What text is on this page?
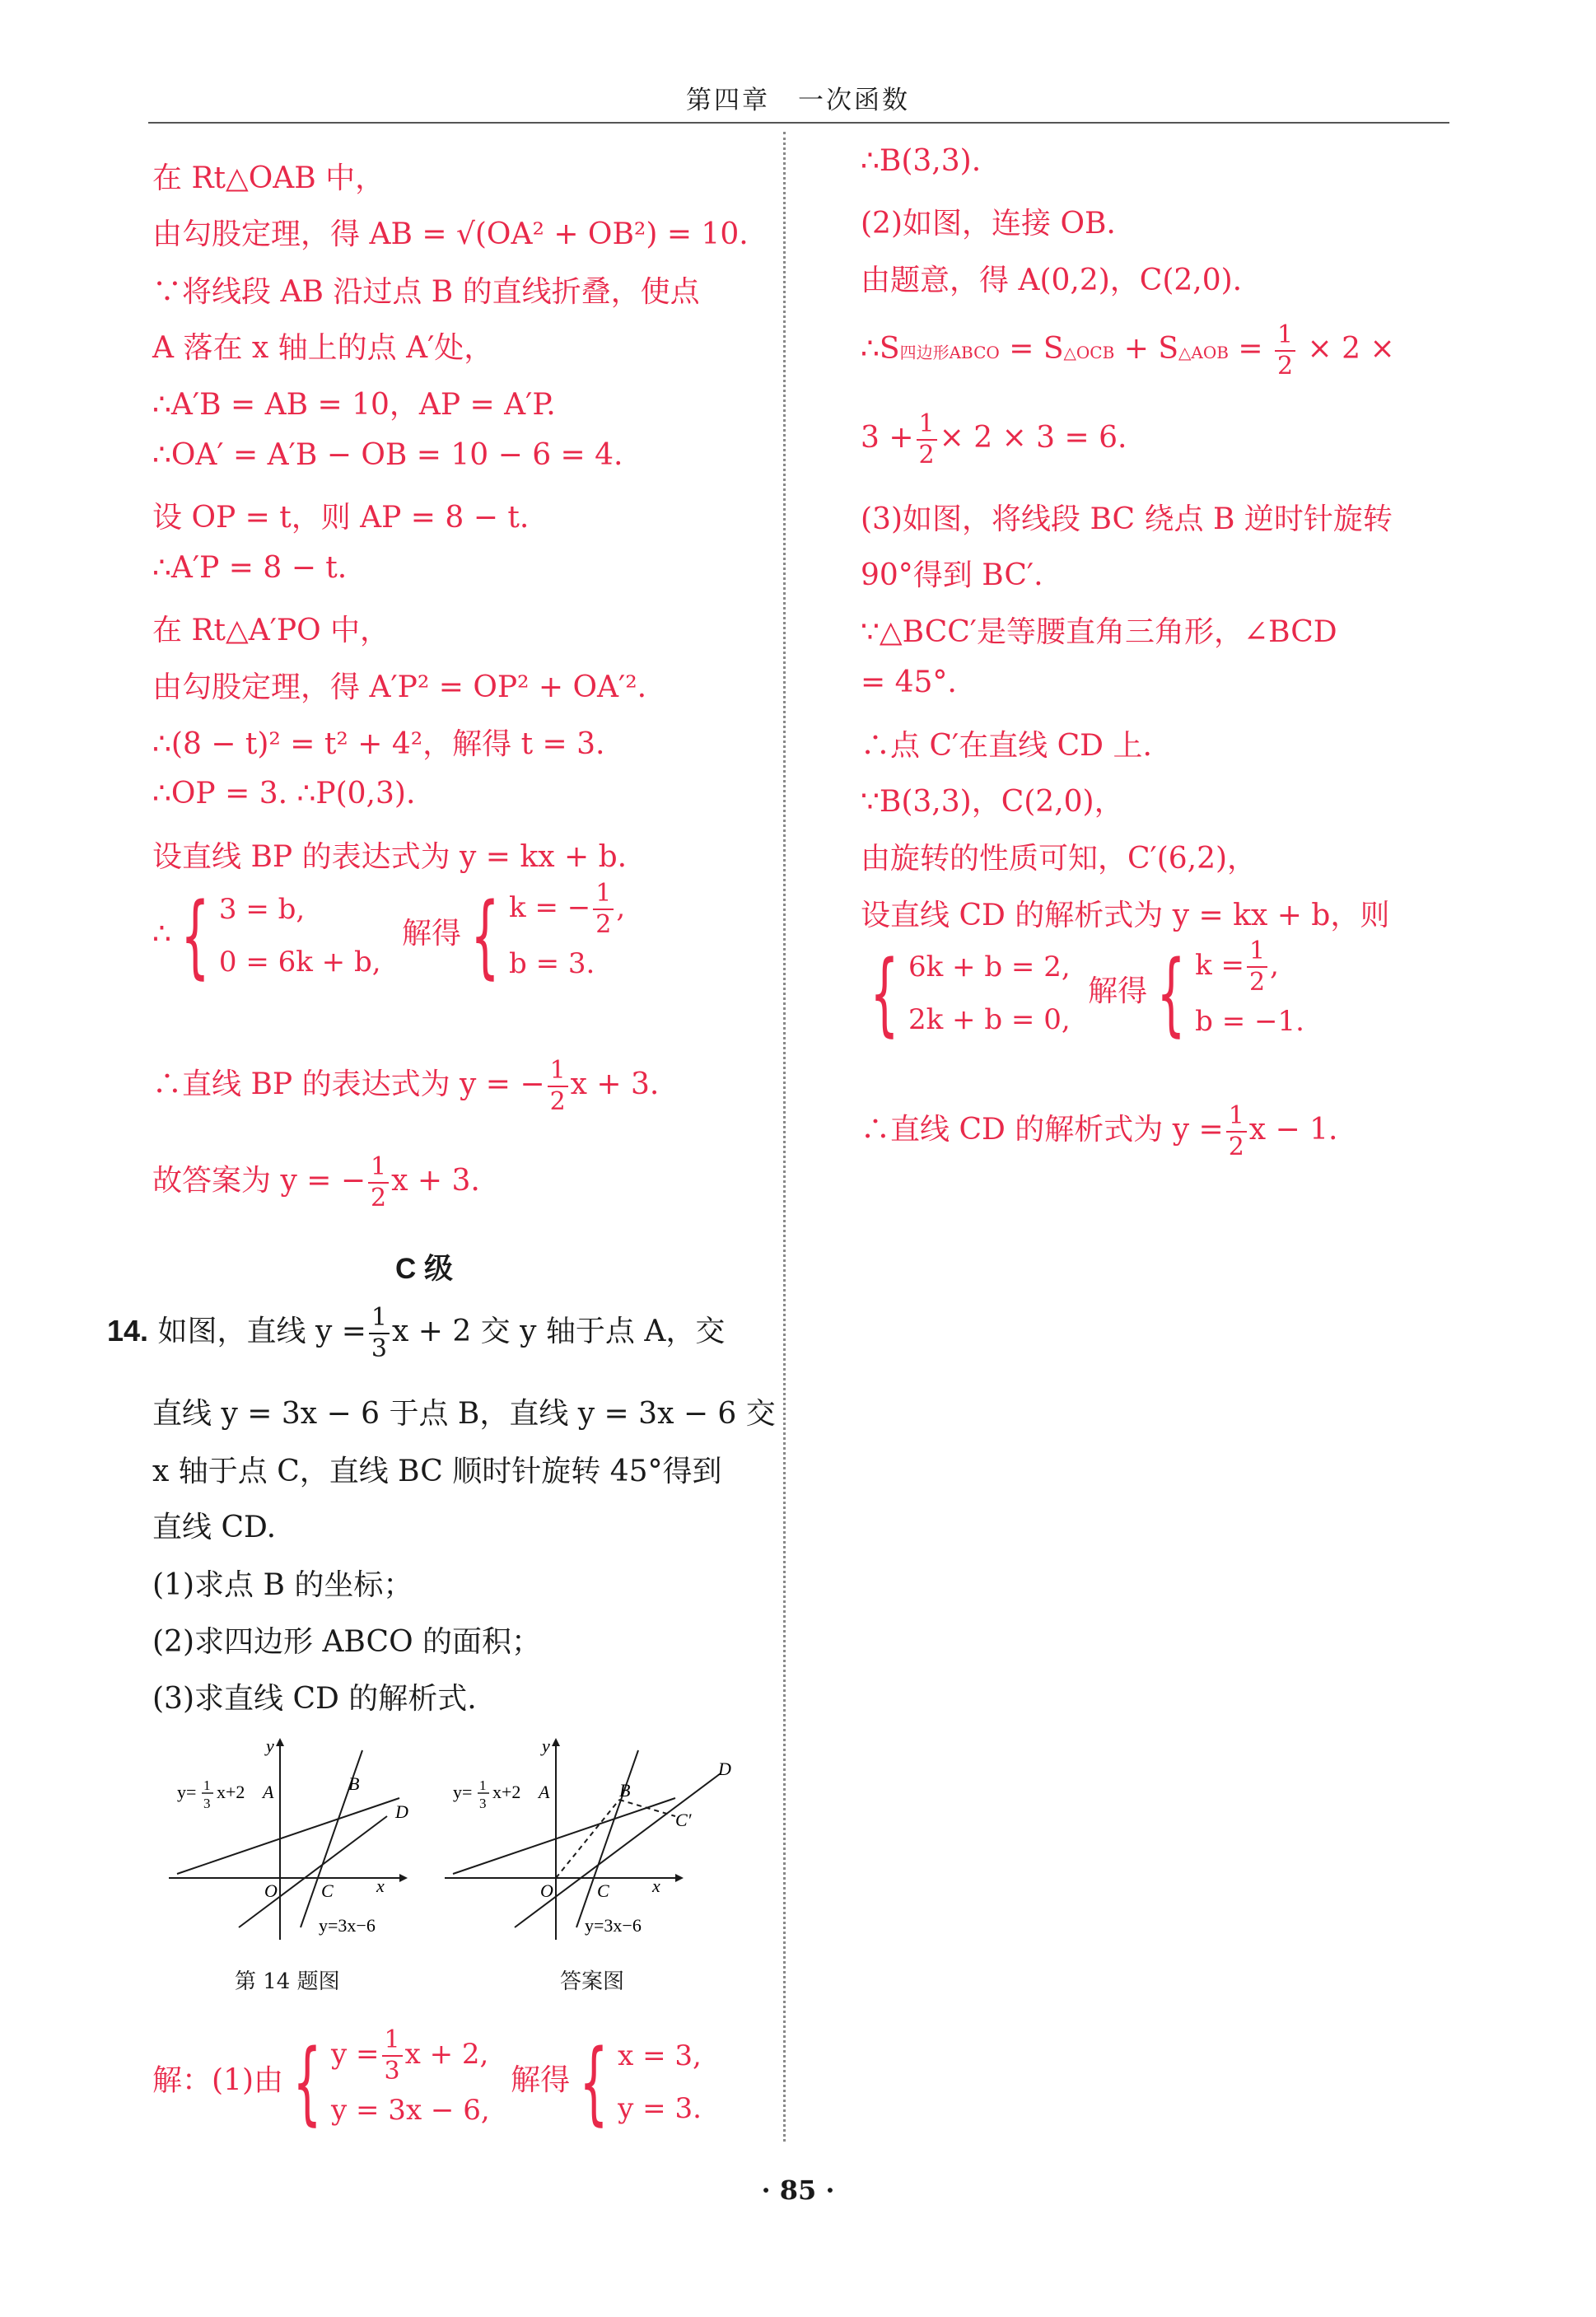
第四章　一次函数
在 Rt△OAB 中，
由勾股定理，得 AB = √(OA² + OB²) = 10.
∵将线段 AB 沿过点 B 的直线折叠，使点
A 落在 x 轴上的点 A′处，
∴A′B = AB = 10，AP = A′P.
∴OA′ = A′B − OB = 10 − 6 = 4.
设 OP = t，则 AP = 8 − t.
∴A′P = 8 − t.
在 Rt△A′PO 中，
由勾股定理，得 A′P² = OP² + OA′².
∴(8 − t)² = t² + 4²，解得 t = 3.
∴OP = 3. ∴P(0,3).
设直线 BP 的表达式为 y = kx + b.
∴ { 3 = b,
0 = 6k + b, 解得 { k = − $\frac{1}{2}$ ,
b = 3.
∴直线 BP 的表达式为 y = − $\frac{1}{2}$ x + 3.
故答案为 y = − $\frac{1}{2}$ x + 3.
C 级
14. 如图，直线 $y = \frac{1}{3}$ x + 2 交 y 轴于点 A，交
直线 y = 3x − 6 于点 B，直线 y = 3x − 6 交
x 轴于点 C，直线 BC 顺时针旋转 45°得到
直线 CD.
(1)求点 B 的坐标；
(2)求四边形 ABCO 的面积；
(3)求直线 CD 的解析式.
y= 1
3
x+2 A	B
D
O C x
y
y=3x−6
第 14 题图
y= 1
3
x+2 A	B
C′
D
O C x
y
y=3x−6
答案图
解：(1)由 { $y = \frac{1}{3}$ x + 2,
y = 3x − 6, 解得 { x = 3,
y = 3.
∴B(3,3).
(2)如图，连接 OB.
由题意，得 A(0,2)，C(2,0).
∴S四边形ABCO = S△OCB + S△AOB = $\frac{1}{2} \times 2$ ×
$3 + \frac{1}{2} \times 2 \times 3 = 6$.
(3)如图，将线段 BC 绕点 B 逆时针旋转
90°得到 BC′.
∵△BCC′是等腰直角三角形，∠BCD
= 45°.
∴点 C′在直线 CD 上.
∵B(3,3)，C(2,0)，
由旋转的性质可知，C′(6,2)，
设直线 CD 的解析式为 y = kx + b，则
{ 6k + b = 2,
2k + b = 0, 解得 { $k = \frac{1}{2}$ ,
b = −1.
∴直线 CD 的解析式为 $y = \frac{1}{2}$ x − 1.
· 85 ·
